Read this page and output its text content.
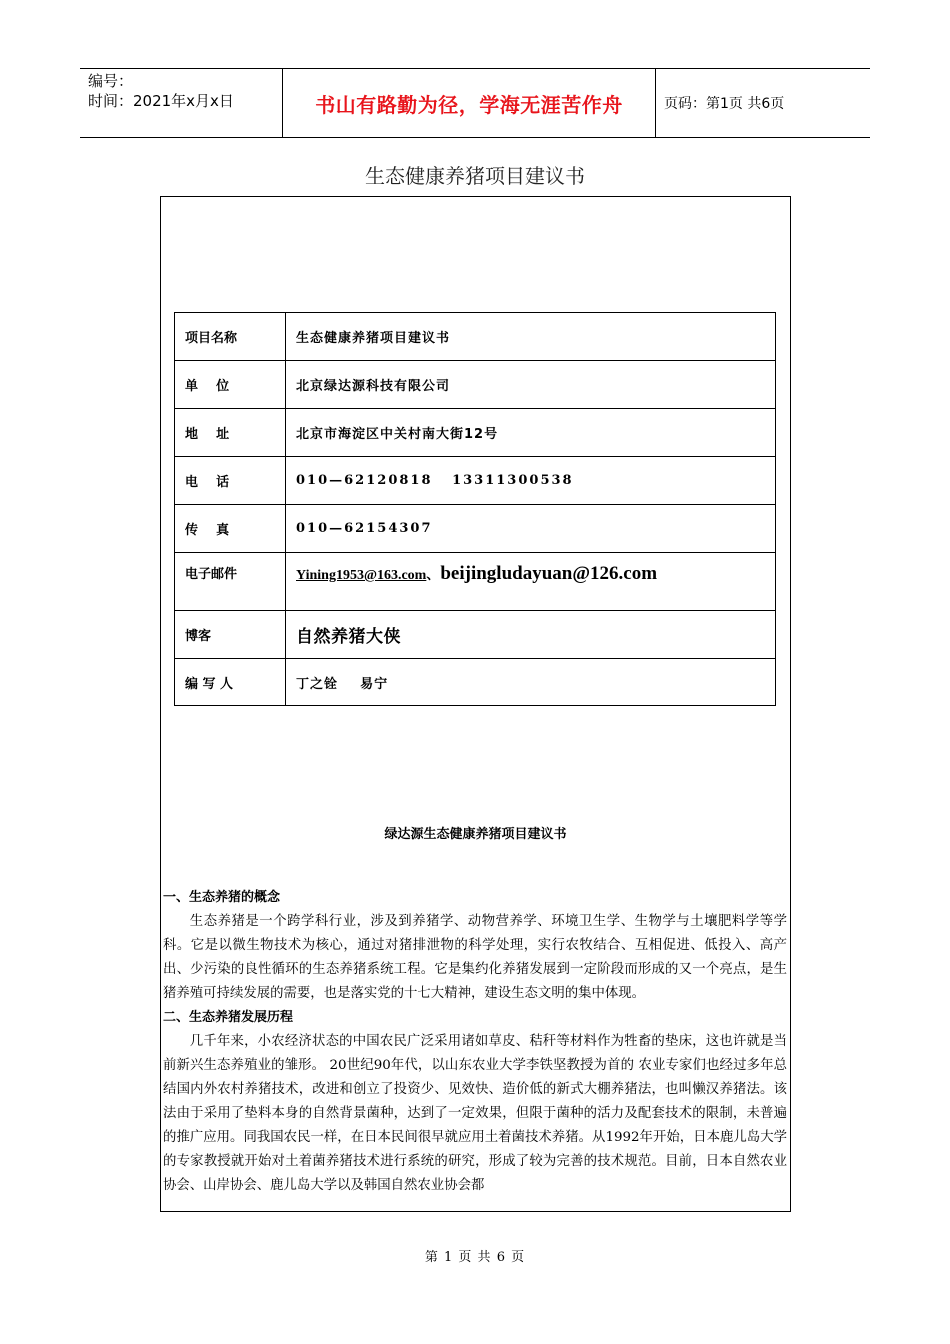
编号：
时间：2021年x月x日	书山有路勤为径，学海无涯苦作舟	页码：第1页 共6页
生态健康养猪项目建议书
项目名称	生态健康养猪项目建议书
单    位	北京绿达源科技有限公司
地    址	北京市海淀区中关村南大街12号
电    话	010—62120818   13311300538
传    真	010—62154307
电子邮件	Yining1953@163.com、beijingludayuan@126.com
博客	自然养猪大侠
编 写 人	丁之铨    易宁
绿达源生态健康养猪项目建议书
一、生态养猪的概念

生态养猪是一个跨学科行业，涉及到养猪学、动物营养学、环境卫生学、生物学与土壤肥料学等学科。它是以微生物技术为核心，通过对猪排泄物的科学处理，实行农牧结合、互相促进、低投入、高产出、少污染的良性循环的生态养猪系统工程。它是集约化养猪发展到一定阶段而形成的又一个亮点，是生猪养殖可持续发展的需要，也是落实党的十七大精神，建设生态文明的集中体现。

二、生态养猪发展历程

几千年来，小农经济状态的中国农民广泛采用诸如草皮、秸秆等材料作为牲畜的垫床，这也许就是当前新兴生态养殖业的雏形。 20世纪90年代，以山东农业大学李铁坚教授为首的 农业专家们也经过多年总结国内外农村养猪技术，改进和创立了投资少、见效快、造价低的新式大棚养猪法，也叫懒汉养猪法。该法由于采用了垫料本身的自然背景菌种，达到了一定效果，但限于菌种的活力及配套技术的限制，未普遍的推广应用。同我国农民一样，在日本民间很早就应用土着菌技术养猪。从1992年开始，日本鹿儿岛大学的专家教授就开始对土着菌养猪技术进行系统的研究，形成了较为完善的技术规范。目前，日本自然农业协会、山岸协会、鹿儿岛大学以及韩国自然农业协会都

第 1 页 共 6 页
